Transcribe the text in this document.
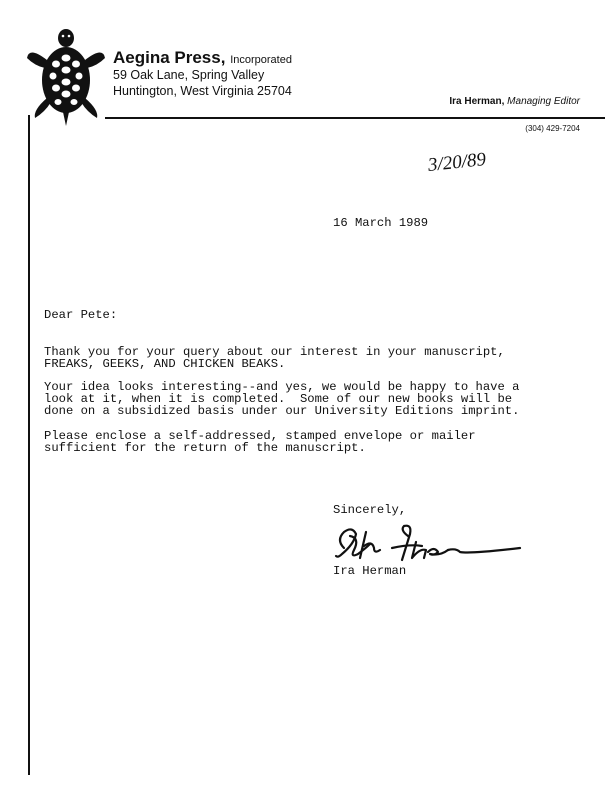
Aegina Press, Incorporated
59 Oak Lane, Spring Valley
Huntington, West Virginia 25704
Ira Herman, Managing Editor
(304) 429-7204
3/20/89
16 March 1989
Dear Pete:
Thank you for your query about our interest in your manuscript,
FREAKS, GEEKS, AND CHICKEN BEAKS.
Your idea looks interesting--and yes, we would be happy to have a
look at it, when it is completed.  Some of our new books will be
done on a subsidized basis under our University Editions imprint.
Please enclose a self-addressed, stamped envelope or mailer
sufficient for the return of the manuscript.
Sincerely,
Ira Herman
